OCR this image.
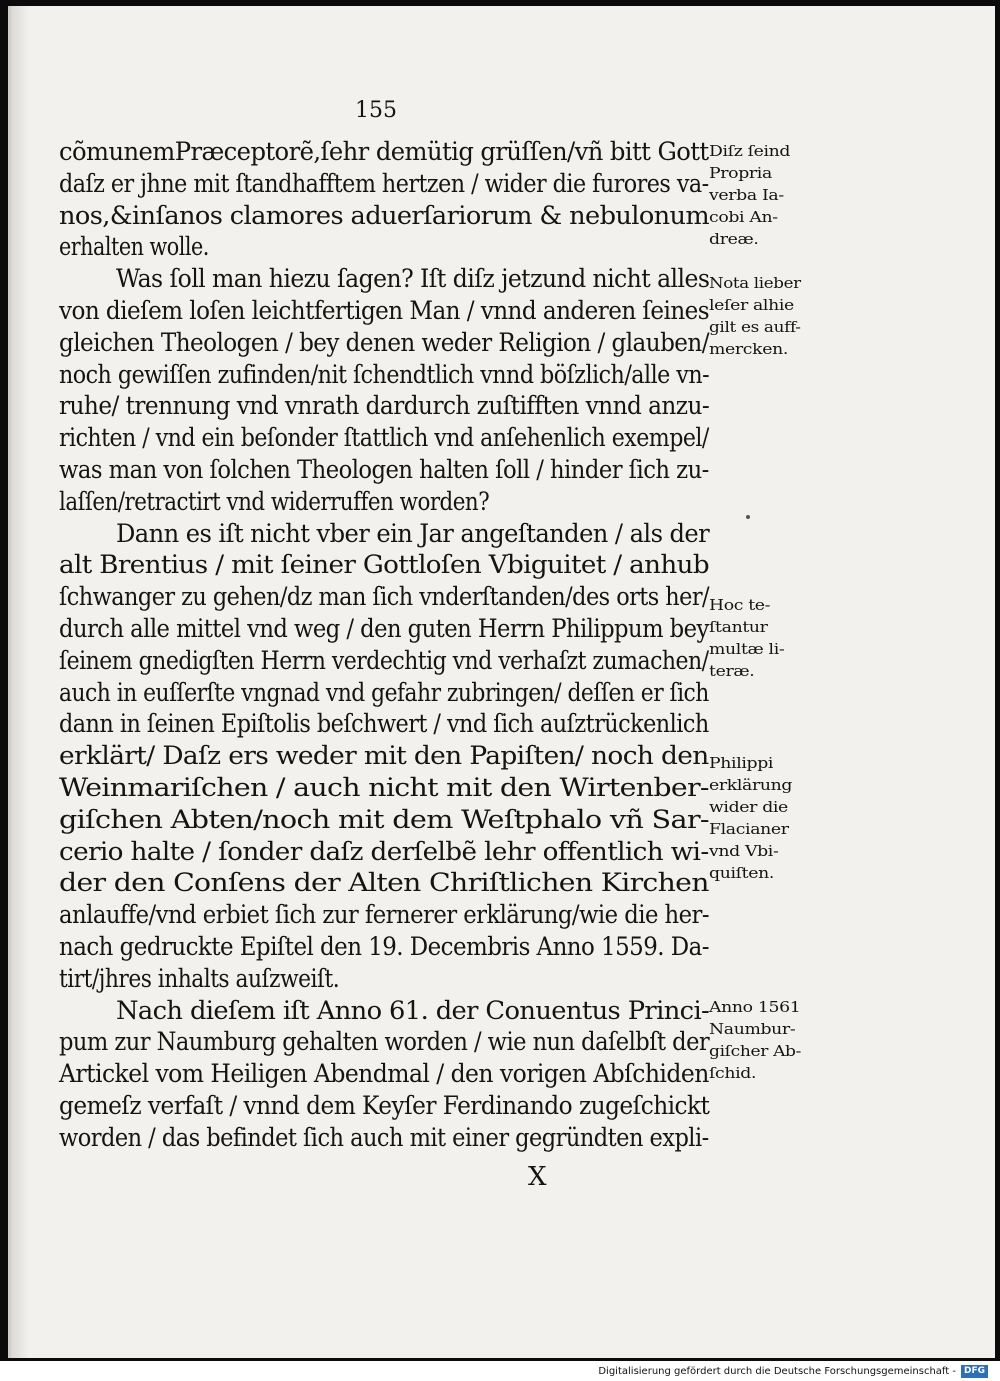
cõmunemPræceptorẽ,ſehr demütig grüſſen/vñ bitt Gott
daſz er jhne mit ſtandhafftem hertzen / wider die furores va-
nos,&inſanos clamores aduerſariorum & nebulonum
erhalten wolle.
Was ſoll man hiezu ſagen? Iſt diſz jetzund nicht alles
von dieſem loſen leichtfertigen Man / vnnd anderen ſeines
gleichen Theologen / bey denen weder Religion / glauben/
noch gewiſſen zufinden/nit ſchendtlich vnnd böſzlich/alle vn-
ruhe/ trennung vnd vnrath dardurch zuſtifften vnnd anzu-
richten / vnd ein beſonder ſtattlich vnd anſehenlich exempel/
was man von ſolchen Theologen halten ſoll / hinder ſich zu-
laſſen/retractirt vnd widerruffen worden?
Dann es iſt nicht vber ein Jar angeſtanden / als der
alt Brentius / mit ſeiner Gottloſen Vbiguitet / anhub
ſchwanger zu gehen/dz man ſich vnderſtanden/des orts her/
durch alle mittel vnd weg / den guten Herrn Philippum bey
ſeinem gnedigſten Herrn verdechtig vnd verhaſzt zumachen/
auch in euſſerſte vngnad vnd gefahr zubringen/ deſſen er ſich
dann in ſeinen Epiſtolis beſchwert / vnd ſich auſztrückenlich
erklärt/ Daſz ers weder mit den Papiſten/ noch den
Weinmariſchen / auch nicht mit den Wirtenber-
giſchen Abten/noch mit dem Weſtphalo vñ Sar-
cerio halte / ſonder daſz derſelbẽ lehr offentlich wi-
der den Conſens der Alten Chriſtlichen Kirchen
anlauffe/vnd erbiet ſich zur fernerer erklärung/wie die her-
nach gedruckte Epiſtel den 19. Decembris Anno 1559. Da-
tirt/jhres inhalts auſzweiſt.
Nach dieſem iſt Anno 61. der Conuentus Princi-
pum zur Naumburg gehalten worden / wie nun daſelbſt der
Artickel vom Heiligen Abendmal / den vorigen Abſchiden
gemeſz verfaſt / vnnd dem Keyſer Ferdinando zugeſchickt
worden / das befindet ſich auch mit einer gegründten expli-
Diſz ſeind
Propria
verba Ia-
cobi An-
dreæ.
Nota lieber
leſer alhie
gilt es auff-
mercken.
Hoc te-
ſtantur
multæ li-
teræ.
Philippi
erklärung
wider die
Flacianer
vnd Vbi-
quiſten.
Anno 1561
Naumbur-
giſcher Ab-
ſchid.
155
X
Digitalisierung gefördert durch die Deutsche Forschungsgemeinschaft - DFG
